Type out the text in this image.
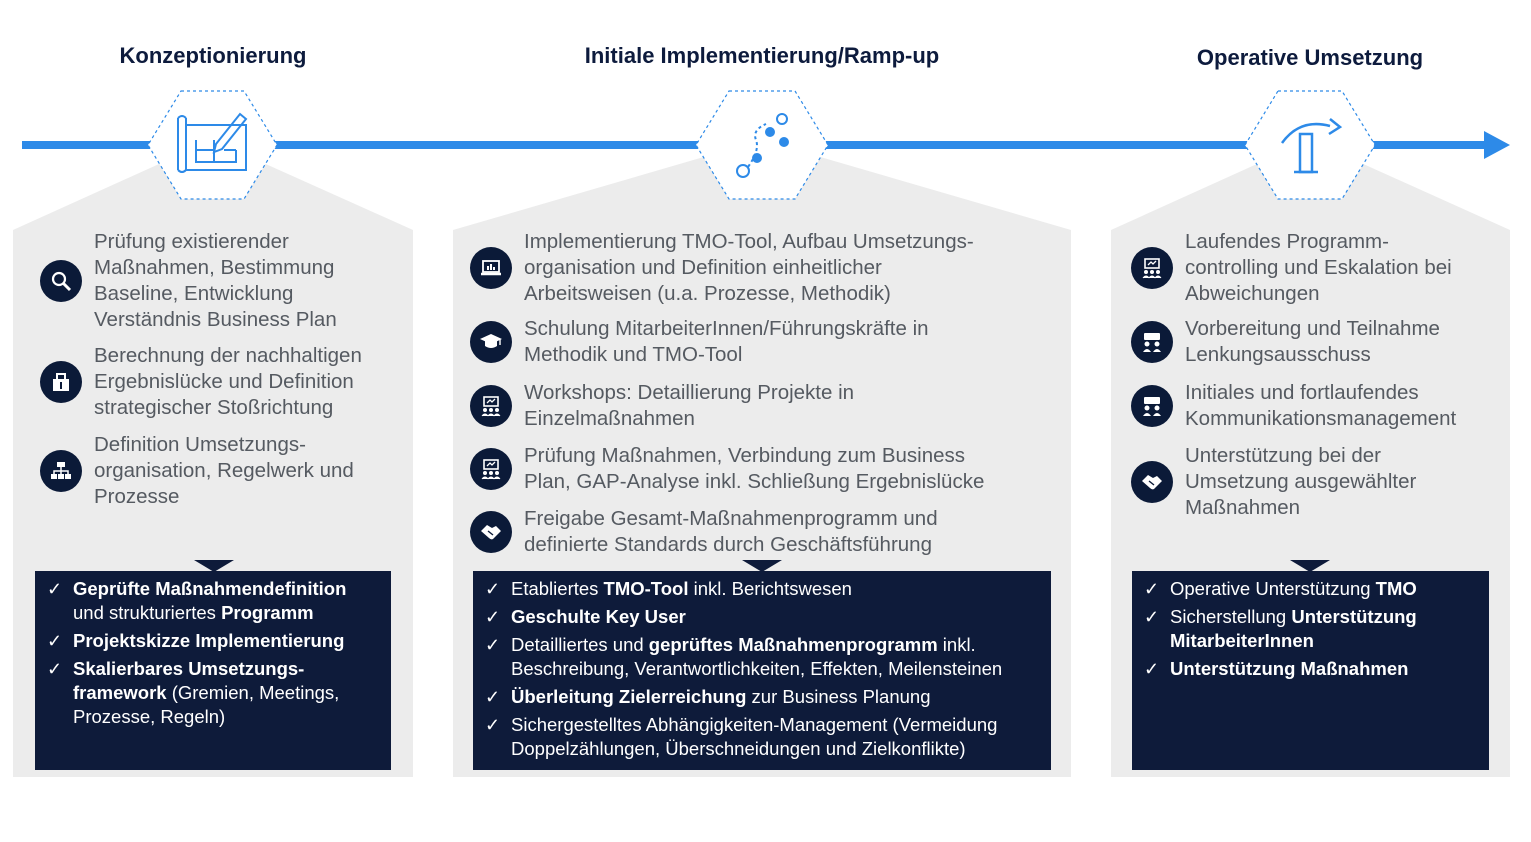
Konzeptionierung	Initiale Implementierung/Ramp-up	Operative Umsetzung
Prüfung existierender
Maßnahmen, Bestimmung
Baseline, Entwicklung
Verständnis Business Plan
Berechnung der nachhaltigen
Ergebnislücke und Definition
strategischer Stoßrichtung
Definition Umsetzungs-
organisation, Regelwerk und
Prozesse
Implementierung TMO-Tool, Aufbau Umsetzungs-
organisation und Definition einheitlicher
Arbeitsweisen (u.a. Prozesse, Methodik)
Schulung MitarbeiterInnen/Führungskräfte in
Methodik und TMO-Tool
Workshops: Detaillierung Projekte in
Einzelmaßnahmen
Prüfung Maßnahmen, Verbindung zum Business
Plan, GAP-Analyse inkl. Schließung Ergebnislücke
Freigabe Gesamt-Maßnahmenprogramm und
definierte Standards durch Geschäftsführung
Laufendes Programm-
controlling und Eskalation bei
Abweichungen
Vorbereitung und Teilnahme
Lenkungsausschuss
Initiales und fortlaufendes
Kommunikationsmanagement
Unterstützung bei der
Umsetzung ausgewählter
Maßnahmen
✓ Geprüfte Maßnahmendefinition
und strukturiertes Programm
✓ Projektskizze Implementierung
✓ Skalierbares Umsetzungs-
framework (Gremien, Meetings,
Prozesse, Regeln)
✓ Etabliertes TMO-Tool inkl. Berichtswesen
✓ Geschulte Key User
✓ Detailliertes und geprüftes Maßnahmenprogramm inkl.
Beschreibung, Verantwortlichkeiten, Effekten, Meilensteinen
✓ Überleitung Zielerreichung zur Business Planung
✓ Sichergestelltes Abhängigkeiten-Management (Vermeidung
Doppelzählungen, Überschneidungen und Zielkonflikte)
✓ Operative Unterstützung TMO
✓ Sicherstellung Unterstützung
MitarbeiterInnen
✓ Unterstützung Maßnahmen
